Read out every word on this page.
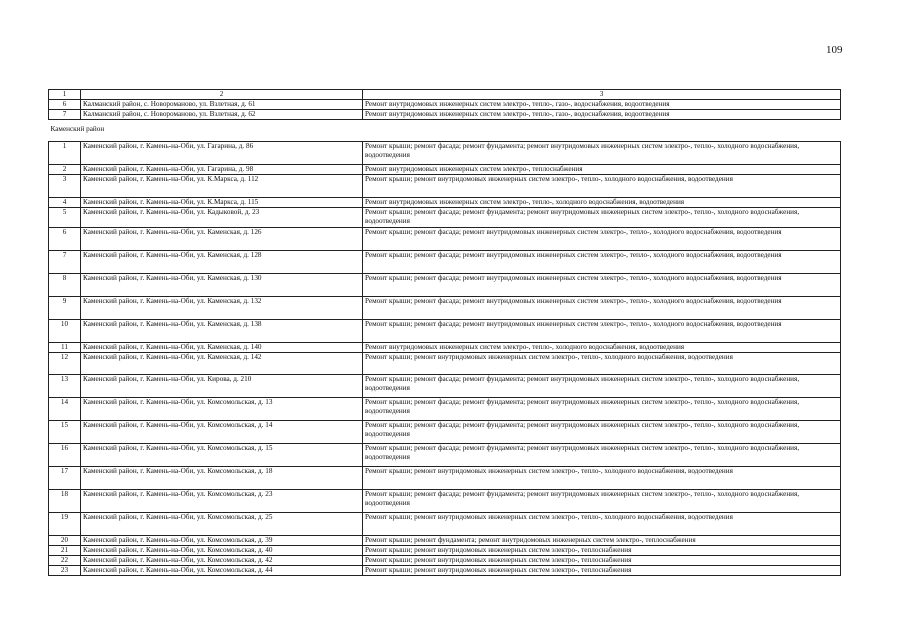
109
1	2	3
6	Калманский район, с. Новороманово, ул. Взлетная, д. 61	Ремонт внутридомовых инженерных систем электро-, тепло-, газо-, водоснабжения, водоотведения
7	Калманский район, с. Новороманово, ул. Взлетная, д. 62	Ремонт внутридомовых инженерных систем электро-, тепло-, газо-, водоснабжения, водоотведения
Каменский район		
1	Каменский район, г. Камень-на-Оби, ул. Гагарина, д. 86	Ремонт крыши; ремонт фасада; ремонт фундамента; ремонт внутридомовых инженерных систем электро-, тепло-, холодного водоснабжения, водоотведения
2	Каменский район, г. Камень-на-Оби, ул. Гагарина, д. 98	Ремонт внутридомовых инженерных систем электро-, теплоснабжения
3	Каменский район, г. Камень-на-Оби, ул. К.Маркса, д. 112	Ремонт крыши; ремонт внутридомовых инженерных систем электро-, тепло-, холодного водоснабжения, водоотведения
4	Каменский район, г. Камень-на-Оби, ул. К.Маркса, д. 115	Ремонт внутридомовых инженерных систем электро-, тепло-, холодного водоснабжения, водоотведения
5	Каменский район, г. Камень-на-Оби, ул. Кадыковой, д. 23	Ремонт крыши; ремонт фасада; ремонт фундамента; ремонт внутридомовых инженерных систем электро-, тепло-, холодного водоснабжения, водоотведения
6	Каменский район, г. Камень-на-Оби, ул. Каменская, д. 126	Ремонт крыши; ремонт фасада; ремонт внутридомовых инженерных систем электро-, тепло-, холодного водоснабжения, водоотведения
7	Каменский район, г. Камень-на-Оби, ул. Каменская, д. 128	Ремонт крыши; ремонт фасада; ремонт внутридомовых инженерных систем электро-, тепло-, холодного водоснабжения, водоотведения
8	Каменский район, г. Камень-на-Оби, ул. Каменская, д. 130	Ремонт крыши; ремонт фасада; ремонт внутридомовых инженерных систем электро-, тепло-, холодного водоснабжения, водоотведения
9	Каменский район, г. Камень-на-Оби, ул. Каменская, д. 132	Ремонт крыши; ремонт фасада; ремонт внутридомовых инженерных систем электро-, тепло-, холодного водоснабжения, водоотведения
10	Каменский район, г. Камень-на-Оби, ул. Каменская, д. 138	Ремонт крыши; ремонт фасада; ремонт внутридомовых инженерных систем электро-, тепло-, холодного водоснабжения, водоотведения
11	Каменский район, г. Камень-на-Оби, ул. Каменская, д. 140	Ремонт внутридомовых инженерных систем электро-, тепло-, холодного водоснабжения, водоотведения
12	Каменский район, г. Камень-на-Оби, ул. Каменская, д. 142	Ремонт крыши; ремонт внутридомовых инженерных систем электро-, тепло-, холодного водоснабжения, водоотведения
13	Каменский район, г. Камень-на-Оби, ул. Кирова, д. 210	Ремонт крыши; ремонт фасада; ремонт фундамента; ремонт внутридомовых инженерных систем электро-, тепло-, холодного водоснабжения, водоотведения
14	Каменский район, г. Камень-на-Оби, ул. Комсомольская, д. 13	Ремонт крыши; ремонт фасада; ремонт фундамента; ремонт внутридомовых инженерных систем электро-, тепло-, холодного водоснабжения, водоотведения
15	Каменский район, г. Камень-на-Оби, ул. Комсомольская, д. 14	Ремонт крыши; ремонт фасада; ремонт фундамента; ремонт внутридомовых инженерных систем электро-, тепло-, холодного водоснабжения, водоотведения
16	Каменский район, г. Камень-на-Оби, ул. Комсомольская, д. 15	Ремонт крыши; ремонт фасада; ремонт фундамента; ремонт внутридомовых инженерных систем электро-, тепло-, холодного водоснабжения, водоотведения
17	Каменский район, г. Камень-на-Оби, ул. Комсомольская, д. 18	Ремонт крыши; ремонт внутридомовых инженерных систем электро-, тепло-, холодного водоснабжения, водоотведения
18	Каменский район, г. Камень-на-Оби, ул. Комсомольская, д. 23	Ремонт крыши; ремонт фасада; ремонт фундамента; ремонт внутридомовых инженерных систем электро-, тепло-, холодного водоснабжения, водоотведения
19	Каменский район, г. Камень-на-Оби, ул. Комсомольская, д. 25	Ремонт крыши; ремонт внутридомовых инженерных систем электро-, тепло-, холодного водоснабжения, водоотведения
20	Каменский район, г. Камень-на-Оби, ул. Комсомольская, д. 39	Ремонт крыши; ремонт фундамента; ремонт внутридомовых инженерных систем электро-, теплоснабжения
21	Каменский район, г. Камень-на-Оби, ул. Комсомольская, д. 40	Ремонт крыши; ремонт внутридомовых инженерных систем электро-, теплоснабжения
22	Каменский район, г. Камень-на-Оби, ул. Комсомольская, д. 42	Ремонт крыши; ремонт внутридомовых инженерных систем электро-, теплоснабжения
23	Каменский район, г. Камень-на-Оби, ул. Комсомольская, д. 44	Ремонт крыши; ремонт внутридомовых инженерных систем электро-, теплоснабжения
